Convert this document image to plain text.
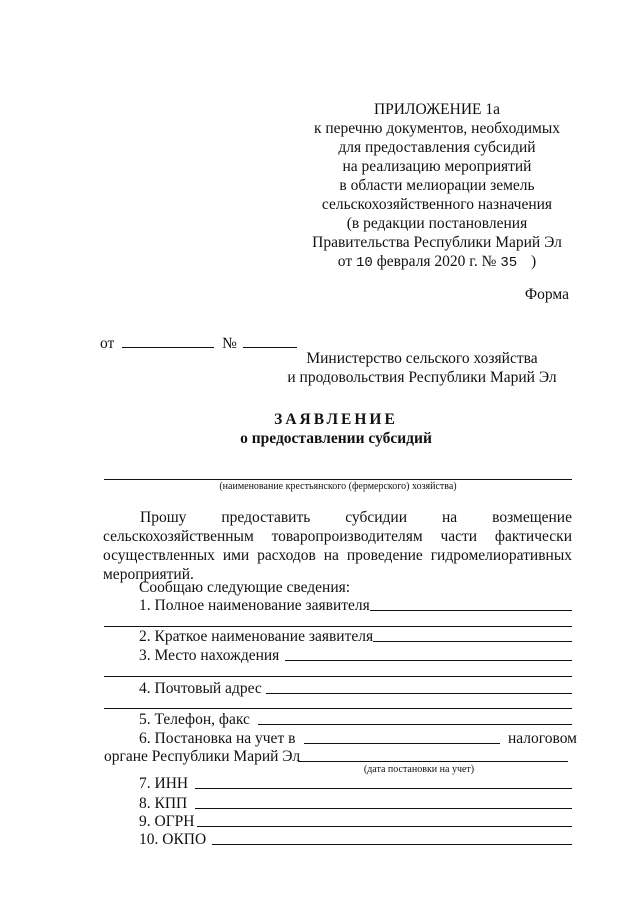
ПРИЛОЖЕНИЕ 1а
к перечню документов, необходимых
для предоставления субсидий
на реализацию мероприятий
в области мелиорации земель
сельскохозяйственного назначения
(в редакции постановления
Правительства Республики Марий Эл
от 10 февраля 2020 г. № 35 )
Форма
от	№
Министерство сельского хозяйства
и продовольствия Республики Марий Эл
ЗАЯВЛЕНИЕ
о предоставлении субсидий
(наименование крестьянского (фермерского) хозяйства)
Прошу предоставить субсидии на возмещение
сельскохозяйственным товаропроизводителям части фактически
осуществленных ими расходов на проведение гидромелиоративных
мероприятий.
Сообщаю следующие сведения:
1. Полное наименование заявителя
2. Краткое наименование заявителя
3. Место нахождения
4. Почтовый адрес
5. Телефон, факс
6. Постановка на учет в	налоговом
органе Республики Марий Эл
(дата постановки на учет)
7. ИНН
8. КПП
9. ОГРН
10. ОКПО
